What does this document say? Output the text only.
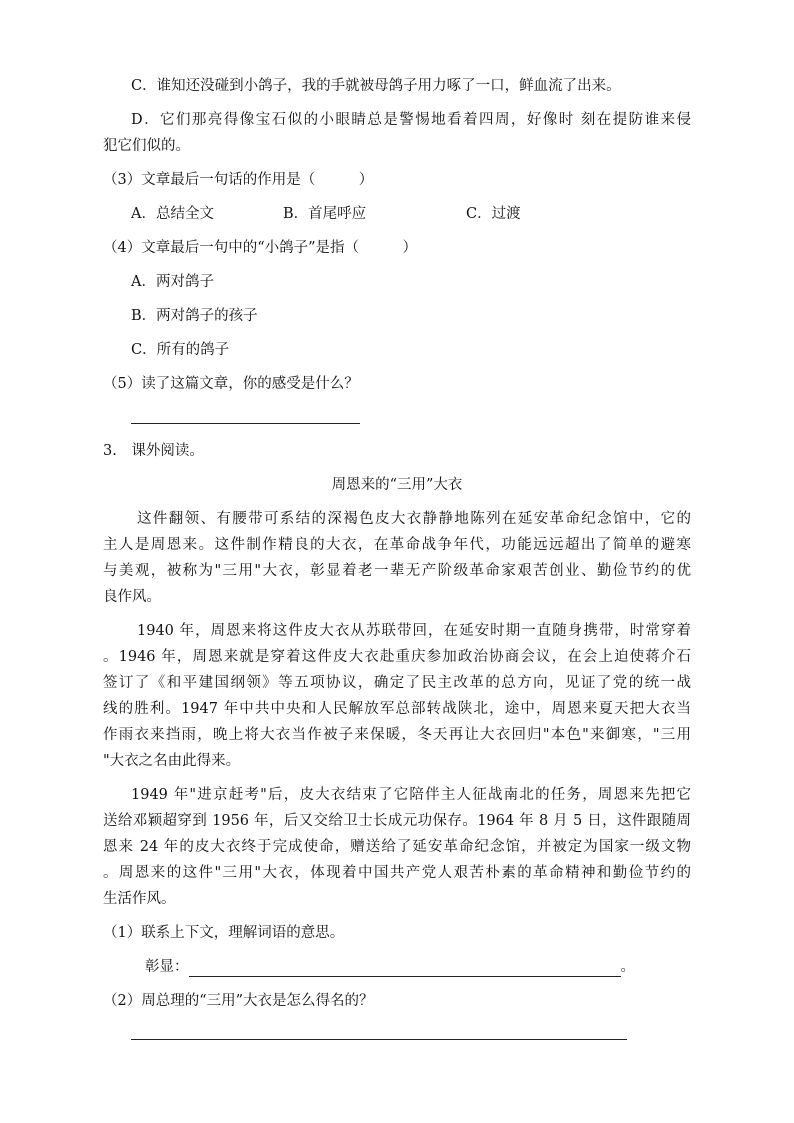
C．谁知还没碰到小鸽子，我的手就被母鸽子用力啄了一口，鲜血流了出来。
D．它们那亮得像宝石似的小眼睛总是警惕地看着四周，好像时 刻在提防谁来侵
犯它们似的。
（3）文章最后一句话的作用是（　　　）
A．总结全文	B．首尾呼应	C．过渡
（4）文章最后一句中的“小鸽子”是指（　　　）
A．两对鸽子
B．两对鸽子的孩子
C．所有的鸽子
（5）读了这篇文章，你的感受是什么？
3.　课外阅读。
周恩来的“三用”大衣
这件翻领、有腰带可系结的深褐色皮大衣静静地陈列在延安革命纪念馆中，它的
主人是周恩来。这件制作精良的大衣，在革命战争年代，功能远远超出了简单的避寒
与美观，被称为"三用"大衣，彰显着老一辈无产阶级革命家艰苦创业、勤俭节约的优
良作风。
1940 年，周恩来将这件皮大衣从苏联带回，在延安时期一直随身携带，时常穿着
。1946 年，周恩来就是穿着这件皮大衣赴重庆参加政治协商会议，在会上迫使蒋介石
签订了《和平建国纲领》等五项协议，确定了民主改革的总方向，见证了党的统一战
线的胜利。1947 年中共中央和人民解放军总部转战陕北，途中，周恩来夏天把大衣当
作雨衣来挡雨，晚上将大衣当作被子来保暖，冬天再让大衣回归"本色"来御寒，"三用
"大衣之名由此得来。
1949 年"进京赶考"后，皮大衣结束了它陪伴主人征战南北的任务，周恩来先把它
送给邓颖超穿到 1956 年，后又交给卫士长成元功保存。1964 年 8 月 5 日，这件跟随周
恩来 24 年的皮大衣终于完成使命，赠送给了延安革命纪念馆，并被定为国家一级文物
。周恩来的这件"三用"大衣，体现着中国共产党人艰苦朴素的革命精神和勤俭节约的
生活作风。
（1）联系上下文，理解词语的意思。
彰显：	。
（2）周总理的“三用”大衣是怎么得名的？
